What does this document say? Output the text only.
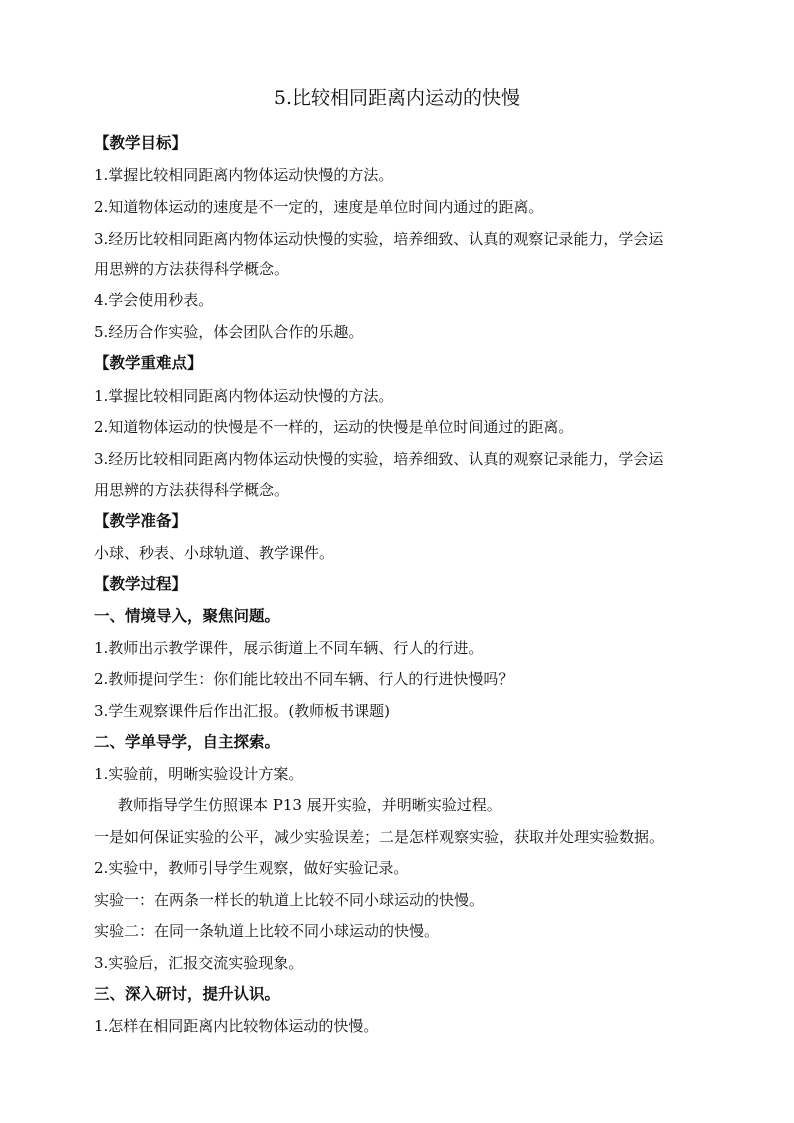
5.比较相同距离内运动的快慢
【教学目标】
1.掌握比较相同距离内物体运动快慢的方法。
2.知道物体运动的速度是不一定的，速度是单位时间内通过的距离。
3.经历比较相同距离内物体运动快慢的实验，培养细致、认真的观察记录能力，学会运
用思辨的方法获得科学概念。
4.学会使用秒表。
5.经历合作实验，体会团队合作的乐趣。
【教学重难点】
1.掌握比较相同距离内物体运动快慢的方法。
2.知道物体运动的快慢是不一样的，运动的快慢是单位时间通过的距离。
3.经历比较相同距离内物体运动快慢的实验，培养细致、认真的观察记录能力，学会运
用思辨的方法获得科学概念。
【教学准备】
小球、秒表、小球轨道、教学课件。
【教学过程】
一、情境导入，聚焦问题。
1.教师出示教学课件，展示街道上不同车辆、行人的行进。
2.教师提问学生：你们能比较出不同车辆、行人的行进快慢吗？
3.学生观察课件后作出汇报。(教师板书课题)
二、学单导学，自主探索。
1.实验前，明晰实验设计方案。
教师指导学生仿照课本 P13 展开实验，并明晰实验过程。
一是如何保证实验的公平，减少实验误差；二是怎样观察实验，获取并处理实验数据。
2.实验中，教师引导学生观察，做好实验记录。
实验一：在两条一样长的轨道上比较不同小球运动的快慢。
实验二：在同一条轨道上比较不同小球运动的快慢。
3.实验后，汇报交流实验现象。
三、深入研讨，提升认识。
1.怎样在相同距离内比较物体运动的快慢。
